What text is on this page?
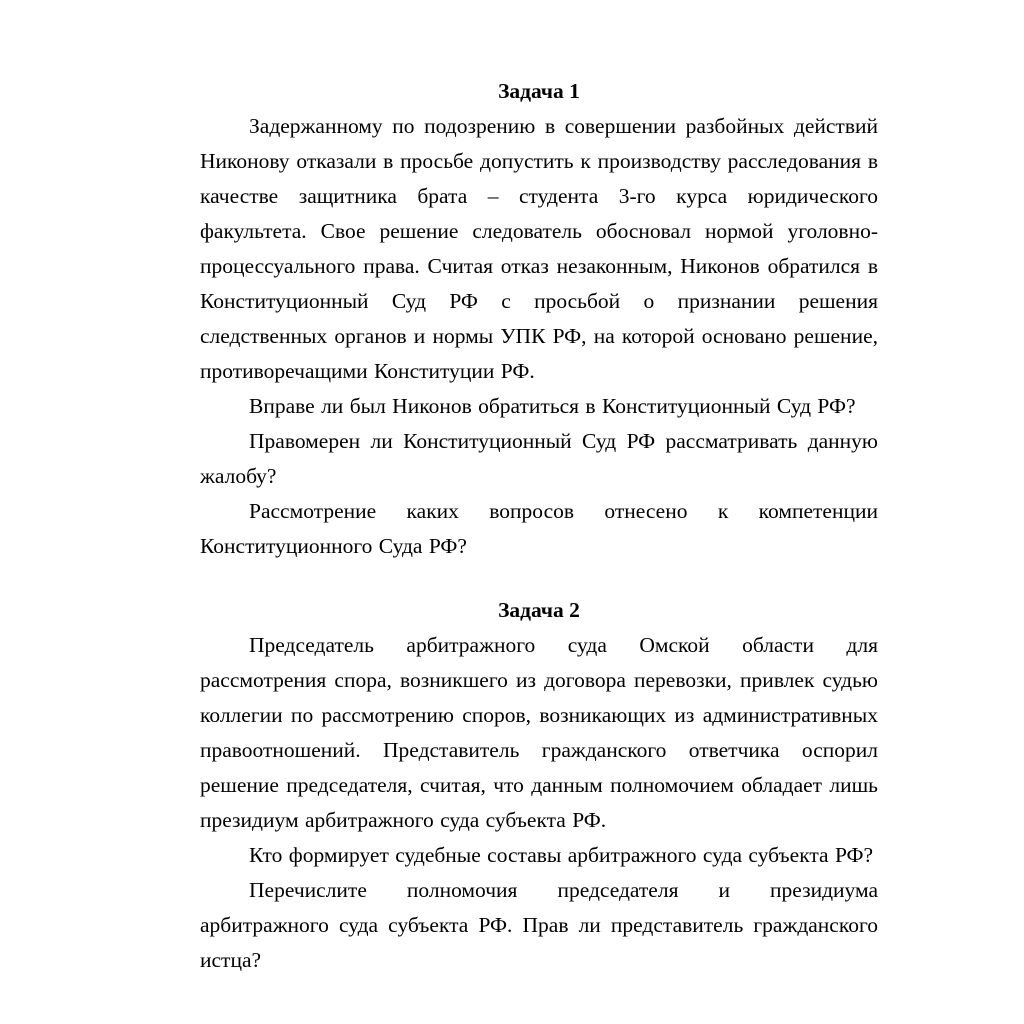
Задача 1

Задержанному по подозрению в совершении разбойных действий Никонову отказали в просьбе допустить к производству расследования в качестве защитника брата – студента 3-го курса юридического факультета. Свое решение следователь обосновал нормой уголовно-процессуального права. Считая отказ незаконным, Никонов обратился в Конституционный Суд РФ с просьбой о признании решения следственных органов и нормы УПК РФ, на которой основано решение, противоречащими Конституции РФ.

Вправе ли был Никонов обратиться в Конституционный Суд РФ?

Правомерен ли Конституционный Суд РФ рассматривать данную жалобу?

Рассмотрение каких вопросов отнесено к компетенции Конституционного Суда РФ?

Задача 2

Председатель арбитражного суда Омской области для рассмотрения спора, возникшего из договора перевозки, привлек судью коллегии по рассмотрению споров, возникающих из административных правоотношений. Представитель гражданского ответчика оспорил решение председателя, считая, что данным полномочием обладает лишь президиум арбитражного суда субъекта РФ.

Кто формирует судебные составы арбитражного суда субъекта РФ?

Перечислите полномочия председателя и президиума арбитражного суда субъекта РФ. Прав ли представитель гражданского истца?
